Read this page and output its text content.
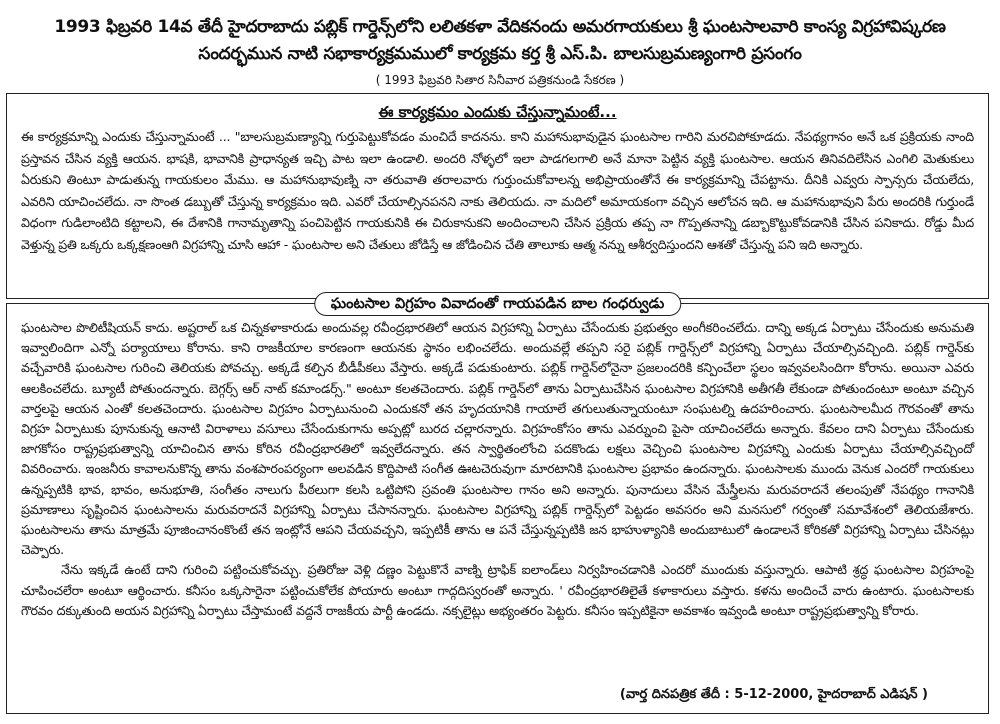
1993 ఫిబ్రవరి 14వ తేదీ హైదరాబాదు పబ్లిక్ గార్డెన్స్‌లోని లలితకళా వేదికనందు అమరగాయకులు శ్రీ ఘంటసాలవారి కాంస్య విగ్రహావిష్కరణ
సందర్భమున నాటి సభాకార్యక్రమములో కార్యక్రమ కర్త శ్రీ ఎస్.పి. బాలసుబ్రమణ్యంగారి ప్రసంగం
( 1993 ఫిబ్రవరి సితార సినీవార పత్రికనుండి సేకరణ )
ఈ కార్యక్రమం ఎందుకు చేస్తున్నామంటే...

ఈ కార్యక్రమాన్ని ఎందుకు చేస్తున్నామంటే ... "బాలసుబ్రమణ్యాన్ని గుర్తుపెట్టుకోవడం మంచిదే కాదనను. కాని మహానుభావుడైన ఘంటసాల గారిని మరచిపోకూడదు. నేపథ్యగానం అనే ఒక ప్రక్రియకు నాంది ప్రస్తావన చేసిన వ్యక్తి ఆయన. భాషకి, భావానికి ప్రాధాన్యత ఇచ్చి పాట ఇలా ఉండాలి. అందరి నోళ్ళలో ఇలా పాడగలగాలి అనే మానా పెట్టిన వ్యక్తి ఘంటసాల. ఆయన తినివదిలేసిన ఎంగిలి మెతుకులు ఏరుకుని తింటూ పాడుతున్న గాయకులం మేము. ఆ మహానుభావుణ్ని నా తరువాతి తరాలవారు గుర్తుంచుకోవాలన్న అభిప్రాయంతోనే ఈ కార్యక్రమాన్ని చేపట్టాను. దీనికి ఎవ్వరు స్పాన్సరు చేయలేదు, ఎవరిని యాచించలేదు. నా సొంత డబ్బుతో చేస్తున్న కార్యక్రమం ఇది. ఎవరో చేయాల్సినపనని నాకు తెలియదు. నా మదిలో అమాయకంగా వచ్చిన ఆలోచన ఇది. ఆ మహానుభావుని పేరు అందరికి గుర్తుండే విధంగా గుడిలాంటిది కట్టాలని, ఈ దేశానికి గానామృతాన్ని పంచిపెట్టిన గాయకునికి ఈ చిరుకానుకని అందించాలని చేసిన ప్రక్రియ తప్ప నా గొప్పతనాన్ని డబ్బాకొట్టుకోవడానికి చేసిన పనికాదు. రోడ్డు మీద వెళ్తున్న ప్రతి ఒక్కరు ఒక్కక్షణంఆగి విగ్రహాన్ని చూసి ఆహా - ఘంటసాల అని చేతులు జోడిస్తే ఆ జోడించిన చేతి తాలూకు ఆత్మ నన్ను ఆశీర్వదిస్తుందని ఆశతో చేస్తున్న పని ఇది అన్నారు.

ఘంటసాల విగ్రహం వివాదంతో గాయపడిన బాల గంధర్వుడు

ఘంటసాల పొలిటీషియన్ కాదు. అష్టరాల్ ఒక చిన్నకళాకారుడు అందువల్ల రవీంద్రభారతిలో ఆయన విగ్రహాన్ని ఏర్పాటు చేసేందుకు ప్రభుత్వం అంగీకరించలేదు. దాన్ని అక్కడ ఏర్పాటు చేసేందుకు అనుమతి ఇవ్వాలిందిగా ఎన్నో పర్యాయాలు కోరాను. కాని రాజకీయాల కారణంగా ఆయనకు స్థానం లభించలేదు. అందువల్లే తప్పని సరై పబ్లిక్ గార్డెన్స్‌లో విగ్రహాన్ని ఏర్పాటు చేయాల్సివచ్చింది. పబ్లిక్ గార్డెన్‌కు వచ్చేవారికి ఘంటసాల గురించి తెలియకు పోవచ్చు. అక్కడే కల్పిన బీడీపీకలు వేస్తారు. అక్కడే పడుకుంటారు. పబ్లిక్ గార్డెన్‌లోనైనా ప్రజలందరికి కన్పించేలా స్థలం ఇవ్వవలసిందిగా కోరాను. అయినా ఎవరు ఆలకించలేదు. బ్యూటీ పోతుందన్నారు. బెగ్గర్స్ ఆర్ నాట్ కమాండర్స్." అంటూ కలతచెందారు. పబ్లిక్ గార్డెన్‌లో తాను ఏర్పాటుచేసిన ఘంటసాల విగ్రహానికి అతీగతీ లేకుండా పోతుందంటూ అంటూ వచ్చిన వార్తలపై ఆయన ఎంతో కలతచెందారు. ఘంటసాల విగ్రహం ఏర్పాటునుంచి ఎందుకనో తన హృదయానికి గాయాలే తగులుతున్నాయంటూ సంఘటల్ని ఉదహరించారు. ఘంటసాలమీద గౌరవంతో తాను విగ్రహ ఏర్పాటుకు పూనుకున్న ఆనాటి విరాళాలు వసూలు చేసేందుకుగాను అప్పట్లో బురద చల్లారన్నారు. విగ్రహంకోసం తాను ఎవర్నుంచి పైసా యాచించలేదు అన్నారు. కేవలం దాని ఏర్పాటు చేసేందుకు జాగకోసం రాష్ట్రప్రభుత్వాన్ని యాచించిన తాను కోరిన రవీంద్రభారతిలో ఇవ్వలేదన్నారు. తన స్వార్థితంలోంచి పదకొండు లక్షలు వెచ్చించి ఘంటసాల విగ్రహాన్ని ఎందుకు ఏర్పాటు చేయాల్సివచ్చిందో వివరించారు. ఇంజనీరు కావాలనుకొన్న తాను వంశపారంపర్యంగా అలవడిన కొద్దిపాటి సంగీత ఊటచెరువుగా మారటానికి ఘంటసాల ప్రభావం ఉందన్నారు. ఘంటసాలకు ముందు వెనుక ఎందరో గాయకులు ఉన్నప్పటికి భావ, భావం, అనుభూతి, సంగీతం నాలుగు పీఠలుగా కలసి ఒట్టిపోని స్రవంతి ఘంటసాల గానం అని అన్నారు. పునాదులు వేసిన మేస్త్రీలను మరువరాదనే తలంపుతో నేపథ్యం గానానికి ప్రమాణాలు సృష్టించిన ఘంటసాలను మరువరాదనే విగ్రహాన్ని ఏర్పాటు చేసానన్నారు. ఘంటసాల విగ్రహాన్ని పబ్లిక్ గార్డెన్స్‌లో పెట్టడం అవసరం అని మనసులో గర్వంతో సమావేశంలో తెలియజేశారు. ఘంటసాలను తాను మాత్రమే పూజించానంకొంటే తన ఇంట్లోనే ఆపని చేయవచ్చని, ఇప్పటికీ తాను ఆ పనే చేస్తున్నప్పటికి జన భాహుళ్యానికి అందుబాటులో ఉండాలనే కోరికతో విగ్రహాన్ని ఏర్పాటు చేసినట్లు చెప్పారు.

నేను ఇక్కడే ఉంటే దాని గురించి పట్టించుకోవచ్చు. ప్రతిరోజు వెళ్లి దణ్ణం పెట్టుకొనే వాణ్ని ట్రాఫిక్ ఐలాండ్‌లు నిర్వహించడానికి ఎందరో ముందుకు వస్తున్నారు. ఆపాటి శ్రద్ధ ఘంటసాల విగ్రహంపై చూపించలేరా అంటూ ఆర్థించారు. కనీసం ఒక్కసారైనా పట్టించుకోలేక పోయారు అంటూ గాద్గదిస్వరంతో అన్నారు. ' రవీంద్రభారతిలైతే కళాకారులు వస్తారు. కళను అందించే వారు ఉంటారు. ఘంటసాలకు గౌరవం దక్కుతుంది అయన విగ్రహాన్ని ఏర్పాటు చేస్తామంటే వద్దనే రాజకీయ పార్టీ ఉండదు. నక్సలైట్లు అభ్యంతరం పెట్టరు. కనీసం ఇప్పటికైనా అవకాశం ఇవ్వండి అంటూ రాష్ట్రప్రభుత్వాన్ని కోరారు.

( వార్త దినపత్రిక తేదీ : 5-12-2000, హైదరాబాద్ ఎడిషన్ )
